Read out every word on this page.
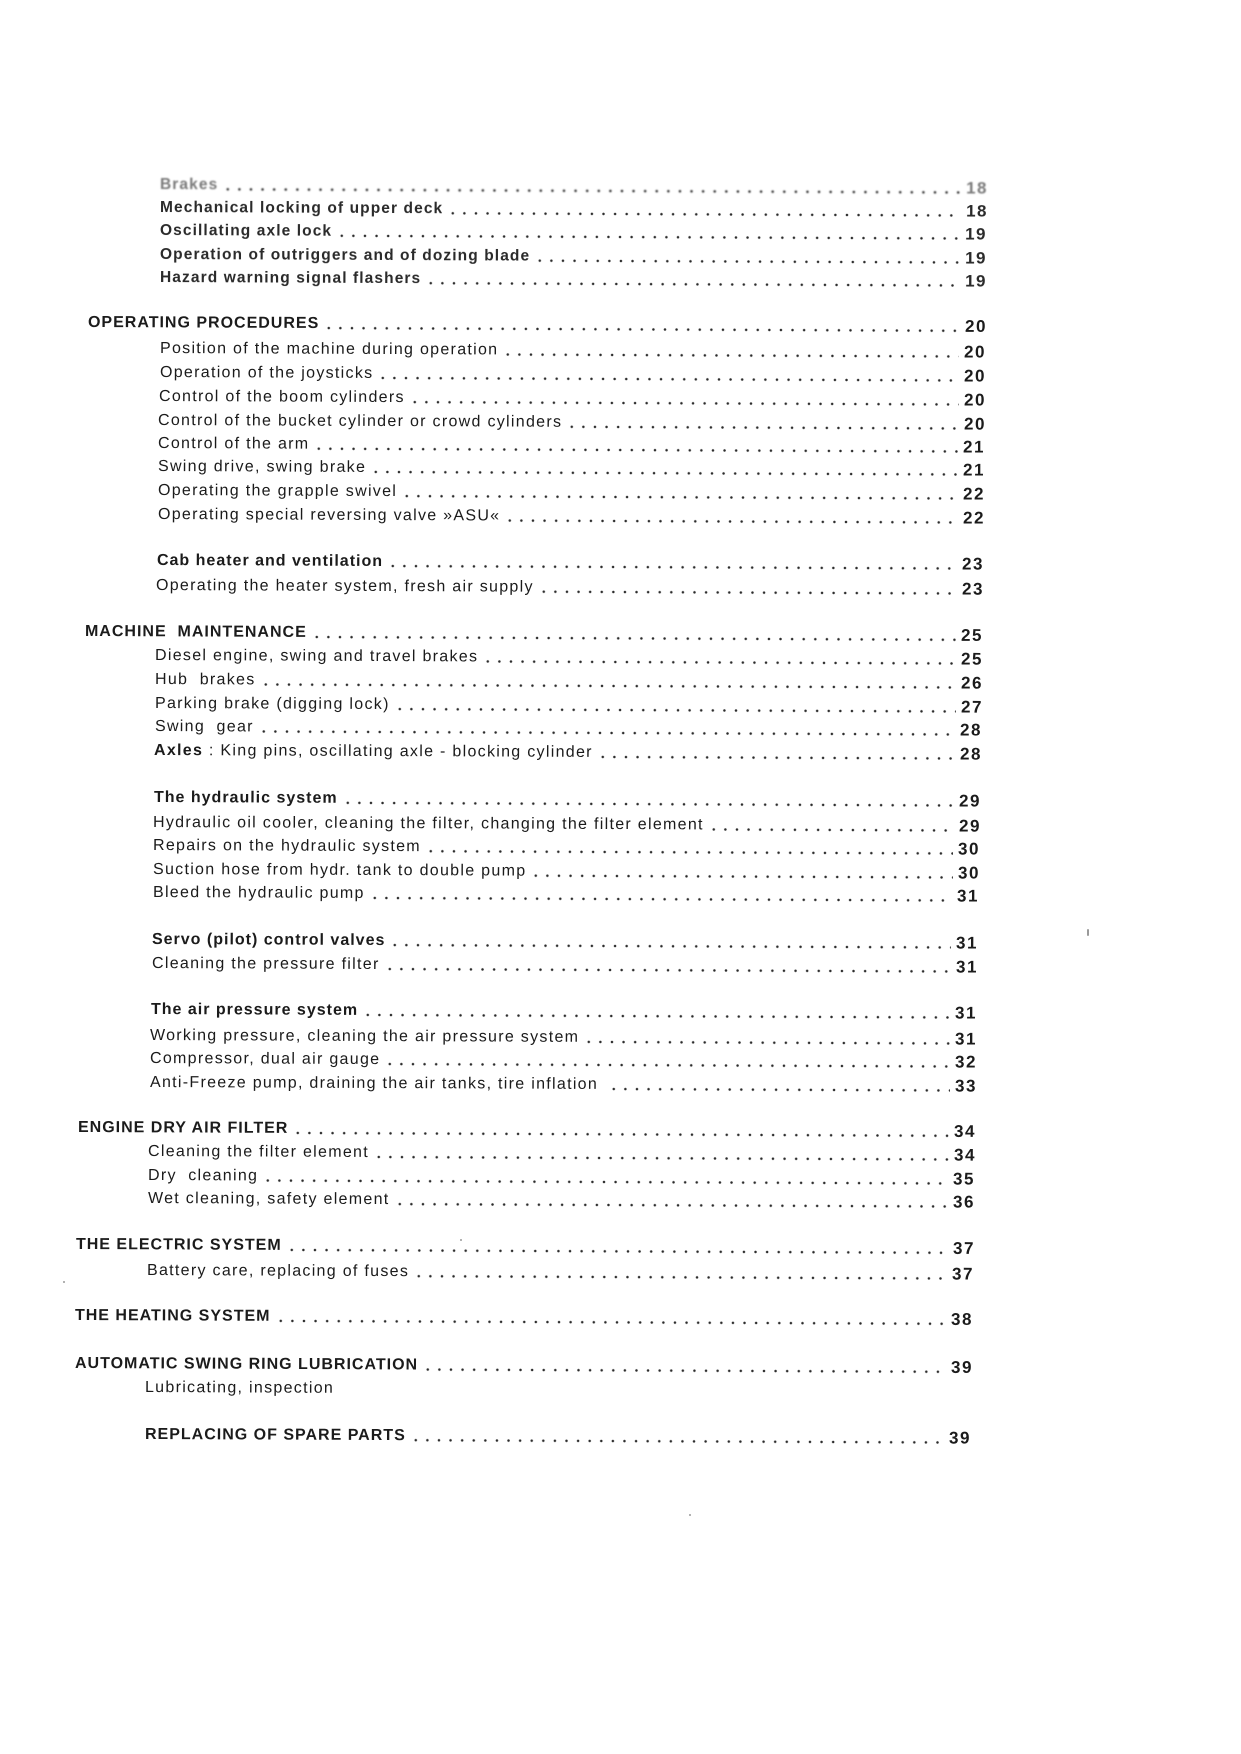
Brakes	18
Mechanical locking of upper deck	18
Oscillating axle lock	19
Operation of outriggers and of dozing blade	19
Hazard warning signal flashers	19
OPERATING PROCEDURES	20
Position of the machine during operation	20
Operation of the joysticks	20
Control of the boom cylinders	20
Control of the bucket cylinder or crowd cylinders	20
Control of the arm	21
Swing drive, swing brake	21
Operating the grapple swivel	22
Operating special reversing valve »ASU«	22
Cab heater and ventilation	23
Operating the heater system, fresh air supply	23
MACHINE  MAINTENANCE	25
Diesel engine, swing and travel brakes	25
Hub  brakes	26
Parking brake (digging lock)	27
Swing  gear	28
Axles : King pins, oscillating axle - blocking cylinder	28
The hydraulic system	29
Hydraulic oil cooler, cleaning the filter, changing the filter element	29
Repairs on the hydraulic system	30
Suction hose from hydr. tank to double pump	30
Bleed the hydraulic pump	31
Servo (pilot) control valves	31
Cleaning the pressure filter	31
The air pressure system	31
Working pressure, cleaning the air pressure system	31
Compressor, dual air gauge	32
Anti-Freeze pump, draining the air tanks, tire inflation	33
ENGINE DRY AIR FILTER	34
Cleaning the filter element	34
Dry  cleaning	35
Wet cleaning, safety element	36
THE ELECTRIC SYSTEM	37
Battery care, replacing of fuses	37
THE HEATING SYSTEM	38
AUTOMATIC SWING RING LUBRICATION	39
Lubricating, inspection
REPLACING OF SPARE PARTS	39
